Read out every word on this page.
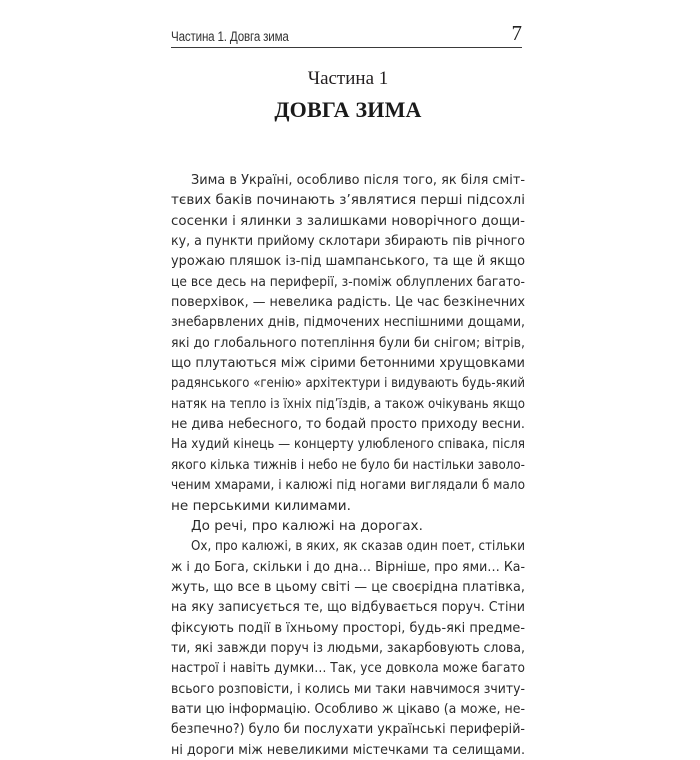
Частина 1. Довга зима	7
Частина 1
ДОВГА ЗИМА
Зима в Україні, особливо після того, як біля сміт-
тєвих баків починають з’являтися перші підсохлі
сосенки і ялинки з залишками новорічного дощи-
ку, а пункти прийому склотари збирають пів річного
урожаю пляшок із-під шампанського, та ще й якщо
це все десь на периферії, з-поміж облуплених багато-
поверхівок, — невелика радість. Це час безкінечних
знебарвлених днів, підмочених неспішними дощами,
які до глобального потепління були би снігом; вітрів,
що плутаються між сірими бетонними хрущовками
радянського «генію» архітектури і видувають будь-який
натяк на тепло із їхніх під’їздів, а також очікувань якщо
не дива небесного, то бодай просто приходу весни.
На худий кінець — концерту улюбленого співака, після
якого кілька тижнів і небо не було би настільки заволо-
ченим хмарами, і калюжі під ногами виглядали б мало
не перськими килимами.
До речі, про калюжі на дорогах.
Ох, про калюжі, в яких, як сказав один поет, стільки
ж і до Бога, скільки і до дна… Вірніше, про ями… Ка-
жуть, що все в цьому світі — це своєрідна платівка,
на яку записується те, що відбувається поруч. Стіни
фіксують події в їхньому просторі, будь-які предме-
ти, які завжди поруч із людьми, закарбовують слова,
настрої і навіть думки… Так, усе довкола може багато
всього розповісти, і колись ми таки навчимося зчиту-
вати цю інформацію. Особливо ж цікаво (а може, не-
безпечно?) було би послухати українські периферій-
ні дороги між невеликими містечками та селищами.
